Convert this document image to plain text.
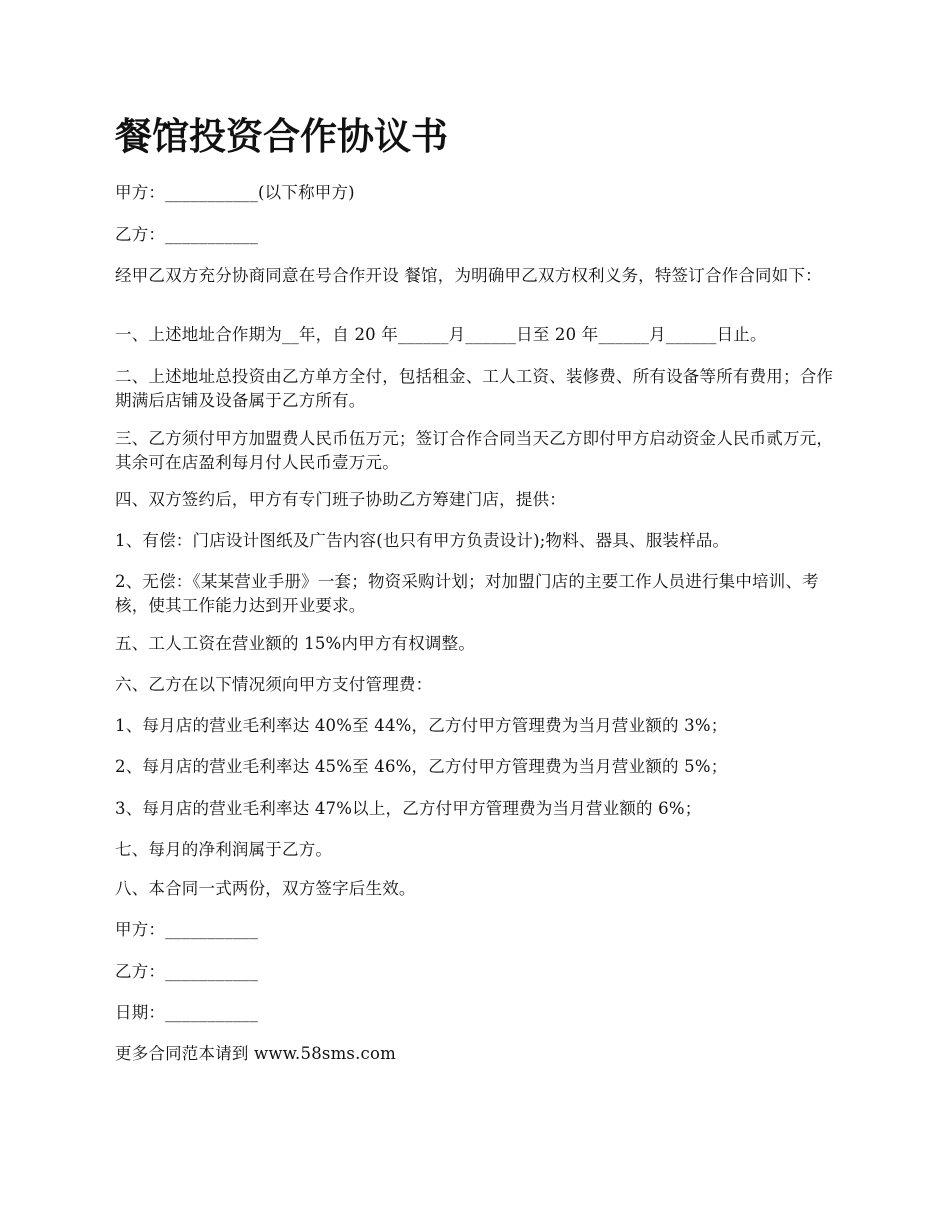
餐馆投资合作协议书

甲方：___________(以下称甲方)

乙方：___________

经甲乙双方充分协商同意在号合作开设 餐馆，为明确甲乙双方权利义务，特签订合作合同如下：

一、上述地址合作期为__年，自 20 年______月______日至 20 年______月______日止。

二、上述地址总投资由乙方单方全付，包括租金、工人工资、装修费、所有设备等所有费用；合作期满后店铺及设备属于乙方所有。

三、乙方须付甲方加盟费人民币伍万元；签订合作合同当天乙方即付甲方启动资金人民币贰万元，其余可在店盈利每月付人民币壹万元。

四、双方签约后，甲方有专门班子协助乙方筹建门店，提供：

1、有偿：门店设计图纸及广告内容(也只有甲方负责设计);物料、器具、服装样品。

2、无偿：《某某营业手册》一套；物资采购计划；对加盟门店的主要工作人员进行集中培训、考核，使其工作能力达到开业要求。

五、工人工资在营业额的 15%内甲方有权调整。

六、乙方在以下情况须向甲方支付管理费：

1、每月店的营业毛利率达 40%至 44%，乙方付甲方管理费为当月营业额的 3%；

2、每月店的营业毛利率达 45%至 46%，乙方付甲方管理费为当月营业额的 5%；

3、每月店的营业毛利率达 47%以上，乙方付甲方管理费为当月营业额的 6%；

七、每月的净利润属于乙方。

八、本合同一式两份，双方签字后生效。

甲方：___________

乙方：___________

日期：___________

更多合同范本请到 www.58sms.com
